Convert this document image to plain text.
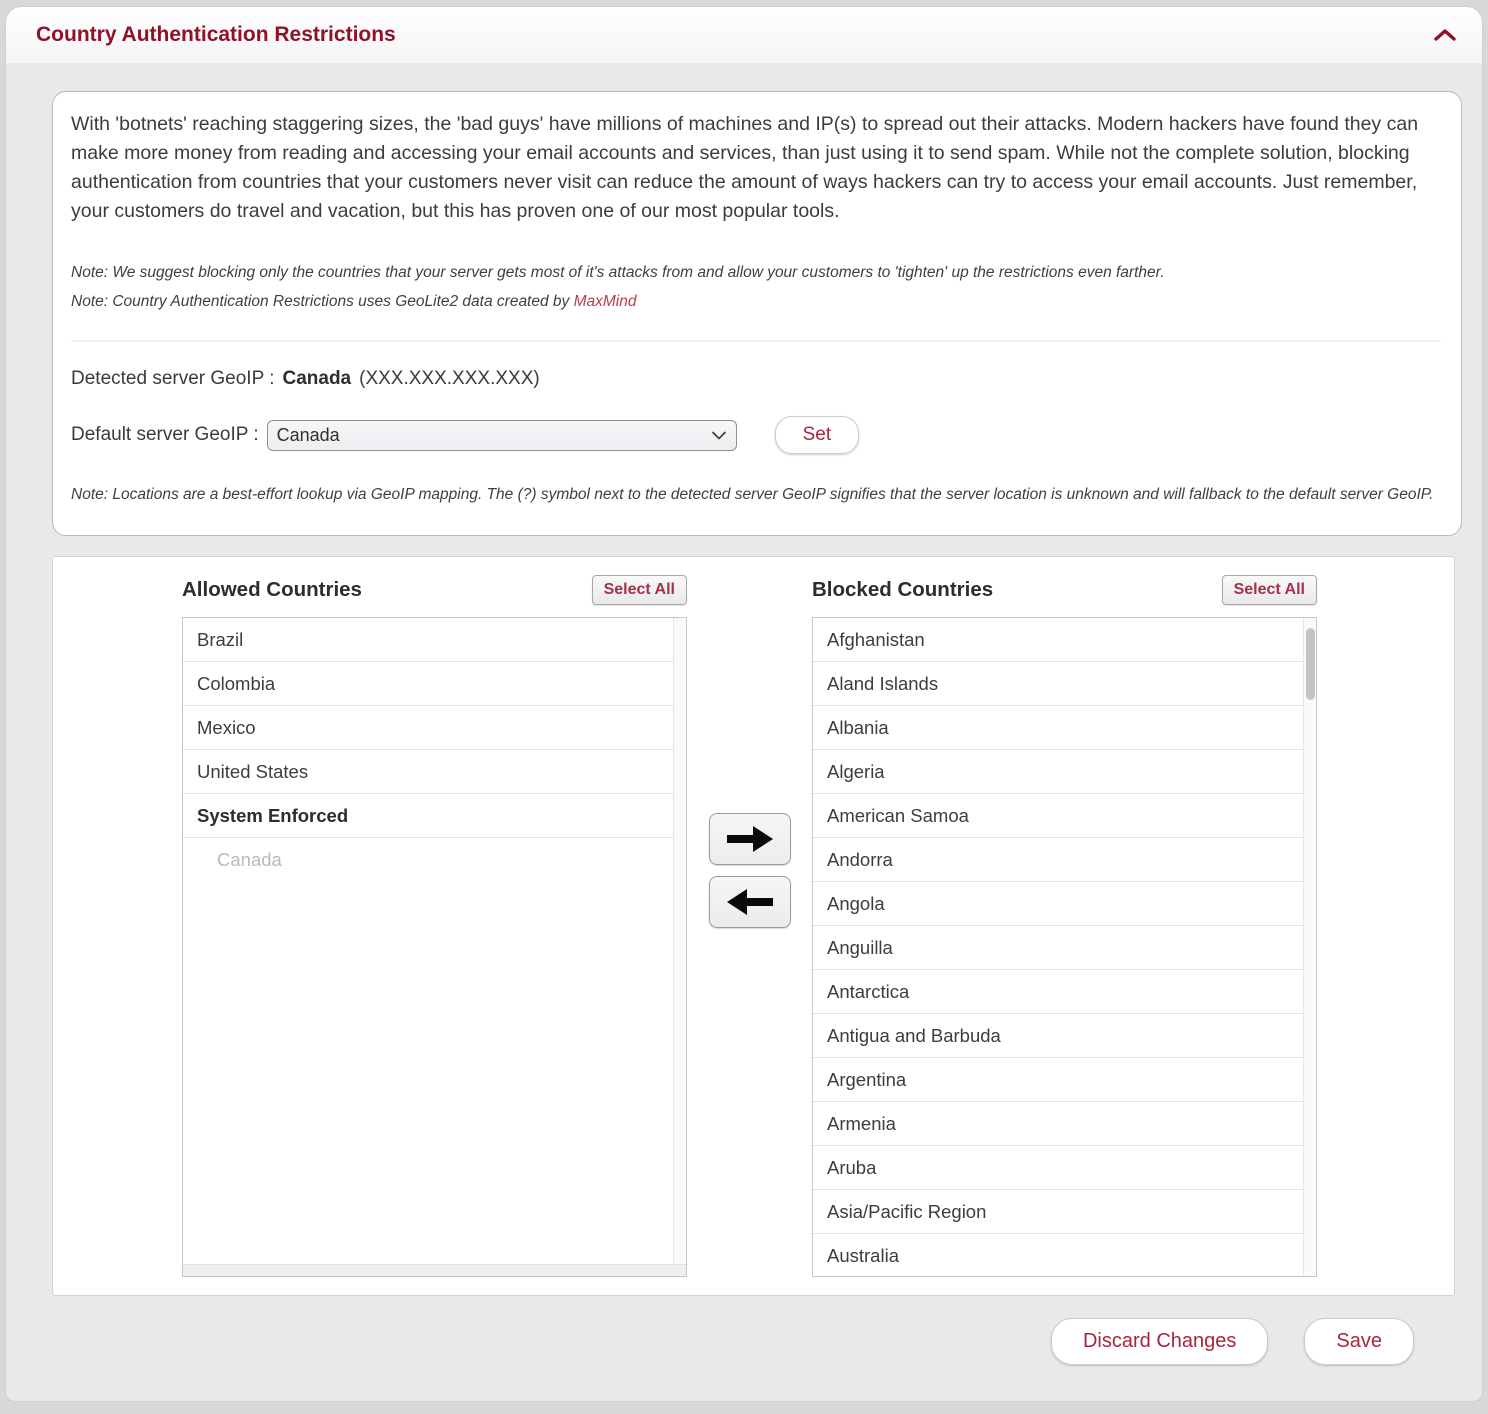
Country Authentication Restrictions

With 'botnets' reaching staggering sizes, the 'bad guys' have millions of machines and IP(s) to spread out their attacks. Modern hackers have found they can make more money from reading and accessing your email accounts and services, than just using it to send spam. While not the complete solution, blocking authentication from countries that your customers never visit can reduce the amount of ways hackers can try to access your email accounts. Just remember, your customers do travel and vacation, but this has proven one of our most popular tools.

Note: We suggest blocking only the countries that your server gets most of it's attacks from and allow your customers to 'tighten' up the restrictions even farther.

Note: Country Authentication Restrictions uses GeoLite2 data created by MaxMind

Detected server GeoIP : Canada (XXX.XXX.XXX.XXX)
Default server GeoIP : Canada	Set

Note: Locations are a best-effort lookup via GeoIP mapping. The (?) symbol next to the detected server GeoIP signifies that the server location is unknown and will fallback to the default server GeoIP.

Allowed Countries	Select All
Brazil
Colombia
Mexico
United States
System Enforced
Canada
Blocked Countries	Select All
Afghanistan
Aland Islands
Albania
Algeria
American Samoa
Andorra
Angola
Anguilla
Antarctica
Antigua and Barbuda
Argentina
Armenia
Aruba
Asia/Pacific Region
Australia
Discard Changes	Save
